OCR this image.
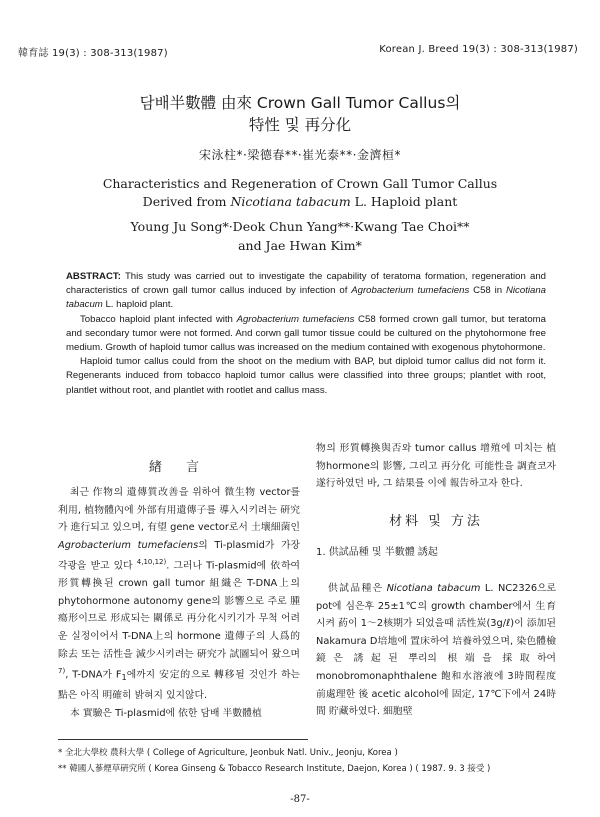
韓育誌 19(3) : 308-313(1987)	Korean J. Breed 19(3) : 308-313(1987)
담배半數體 由來 Crown Gall Tumor Callus의
特性 및 再分化
宋泳柱*·梁德春**·崔光泰**·金濟桓*
Characteristics and Regeneration of Crown Gall Tumor Callus
Derived from Nicotiana tabacum L. Haploid plant
Young Ju Song*·Deok Chun Yang**·Kwang Tae Choi**
and Jae Hwan Kim*

ABSTRACT: This study was carried out to investigate the capability of teratoma formation, regeneration and characteristics of crown gall tumor callus induced by infection of Agrobacterium tumefaciens C58 in Nicotiana tabacum L. haploid plant.

Tobacco haploid plant infected with Agrobacterium tumefaciens C58 formed crown gall tumor, but teratoma and secondary tumor were not formed. And corwn gall tumor tissue could be cultured on the phytohormone free medium. Growth of haploid tumor callus was increased on the medium contained with exogenous phytohormone.

Haploid tumor callus could from the shoot on the medium with BAP, but diploid tumor callus did not form it. Regenerants induced from tobacco haploid tumor callus were classified into three groups; plantlet with root, plantlet without root, and plantlet with rootlet and callus mass.

緖 言

최근 作物의 遺傳質改善을 위하여 微生物 vector를 利用, 植物體內에 外部有用遺傳子를 導入시키려는 硏究가 進行되고 있으며, 有望 gene vector로서 土壤細菌인 Agrobacterium tumefaciens의 Ti-plasmid가 가장 각광을 받고 있다 $^{4,10,12)}$. 그러나 Ti-plasmid에 依하여 形質轉換된 crown gall tumor 組織은 T-DNA上의 phytohormone autonomy gene의 影響으로 주로 腫瘍形이므로 形成되는 關係로 再分化시키기가 무척 어려운 실정이어서 T-DNA上의 hormone 遺傳子의 人爲的除去 또는 活性을 減少시키려는 硏究가 試圖되어 왔으며$^{7)}$, T-DNA가 $F_1$에까지 安定的으로 轉移될 것인가 하는 點은 아직 明確히 밝혀지 있지않다.

本 實驗은 Ti-plasmid에 依한 담배 半數體植

物의 形質轉換與否와 tumor callus 增殖에 미치는 植物hormone의 影響, 그리고 再分化 可能性을 調査코자 遂行하였던 바, 그 結果를 이에 報告하고자 한다.

材料 및 方法
1. 供試品種 및 半數體 誘起

供試品種은 Nicotiana tabacum L. NC2326으로 pot에 심은후 25±1℃의 growth chamber에서 生育시켜 葯이 1～2核期가 되었을때 活性炭(3g/ℓ)이 添加된 Nakamura D培地에 置床하여 培養하였으며, 染色體檢鏡은 誘起된 뿌리의 根端을 採取하여 monobromonaphthalene 飽和水溶液에 3時間程度 前處理한 後 acetic alcohol에 固定, 17℃下에서 24時間 貯藏하였다. 細胞壁

* 全北大學校 農科大學 ( College of Agriculture, Jeonbuk Natl. Univ., Jeonju, Korea )
** 韓國人蔘煙草硏究所 ( Korea Ginseng & Tobacco Research Institute, Daejon, Korea ) ( 1987. 9. 3 接受 )
-87-
